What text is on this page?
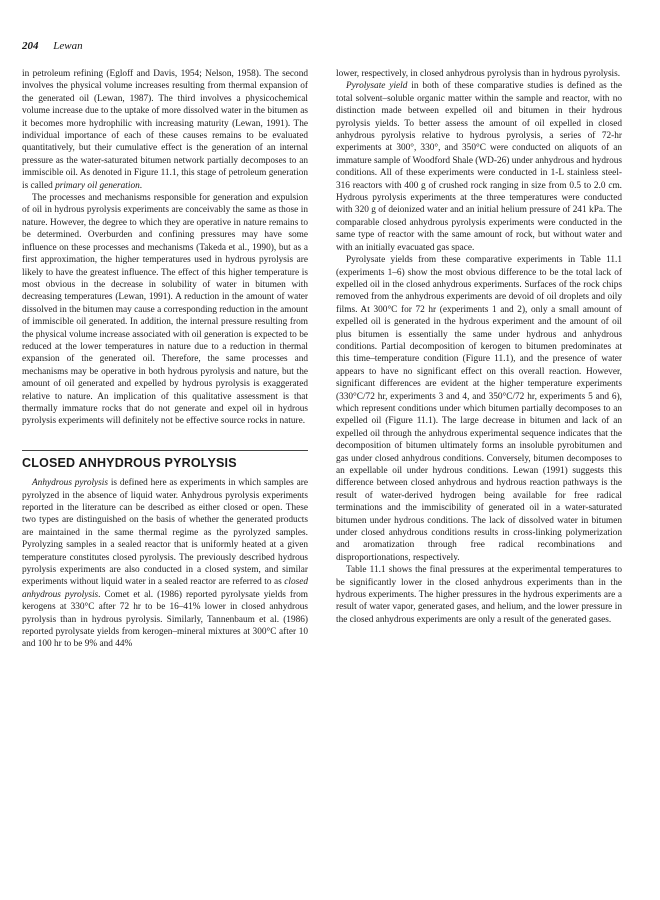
204 Lewan

in petroleum refining (Egloff and Davis, 1954; Nelson, 1958). The second involves the physical volume increases resulting from thermal expansion of the generated oil (Lewan, 1987). The third involves a physicochemical volume increase due to the uptake of more dissolved water in the bitumen as it becomes more hydrophilic with increasing maturity (Lewan, 1991). The individual importance of each of these causes remains to be evaluated quantitatively, but their cumulative effect is the generation of an internal pressure as the water-saturated bitumen network partially decomposes to an immiscible oil. As denoted in Figure 11.1, this stage of petroleum generation is called primary oil generation.

The processes and mechanisms responsible for generation and expulsion of oil in hydrous pyrolysis experiments are conceivably the same as those in nature. However, the degree to which they are operative in nature remains to be determined. Overburden and confining pressures may have some influence on these processes and mechanisms (Takeda et al., 1990), but as a first approximation, the higher temperatures used in hydrous pyrolysis are likely to have the greatest influence. The effect of this higher temperature is most obvious in the decrease in solubility of water in bitumen with decreasing temperatures (Lewan, 1991). A reduction in the amount of water dissolved in the bitumen may cause a corresponding reduction in the amount of immiscible oil generated. In addition, the internal pressure resulting from the physical volume increase associated with oil generation is expected to be reduced at the lower temperatures in nature due to a reduction in thermal expansion of the generated oil. Therefore, the same processes and mechanisms may be operative in both hydrous pyrolysis and nature, but the amount of oil generated and expelled by hydrous pyrolysis is exaggerated relative to nature. An implication of this qualitative assessment is that thermally immature rocks that do not generate and expel oil in hydrous pyrolysis experiments will definitely not be effective source rocks in nature.

CLOSED ANHYDROUS PYROLYSIS

Anhydrous pyrolysis is defined here as experiments in which samples are pyrolyzed in the absence of liquid water. Anhydrous pyrolysis experiments reported in the literature can be described as either closed or open. These two types are distinguished on the basis of whether the generated products are maintained in the same thermal regime as the pyrolyzed samples. Pyrolyzing samples in a sealed reactor that is uniformly heated at a given temperature constitutes closed pyrolysis. The previously described hydrous pyrolysis experiments are also conducted in a closed system, and similar experiments without liquid water in a sealed reactor are referred to as closed anhydrous pyrolysis. Comet et al. (1986) reported pyrolysate yields from kerogens at 330°C after 72 hr to be 16–41% lower in closed anhydrous pyrolysis than in hydrous pyrolysis. Similarly, Tannenbaum et al. (1986) reported pyrolysate yields from kerogen–mineral mixtures at 300°C after 10 and 100 hr to be 9% and 44%

lower, respectively, in closed anhydrous pyrolysis than in hydrous pyrolysis.

Pyrolysate yield in both of these comparative studies is defined as the total solvent–soluble organic matter within the sample and reactor, with no distinction made between expelled oil and bitumen in their hydrous pyrolysis yields. To better assess the amount of oil expelled in closed anhydrous pyrolysis relative to hydrous pyrolysis, a series of 72-hr experiments at 300°, 330°, and 350°C were conducted on aliquots of an immature sample of Woodford Shale (WD-26) under anhydrous and hydrous conditions. All of these experiments were conducted in 1-L stainless steel-316 reactors with 400 g of crushed rock ranging in size from 0.5 to 2.0 cm. Hydrous pyrolysis experiments at the three temperatures were conducted with 320 g of deionized water and an initial helium pressure of 241 kPa. The comparable closed anhydrous pyrolysis experiments were conducted in the same type of reactor with the same amount of rock, but without water and with an initially evacuated gas space.

Pyrolysate yields from these comparative experiments in Table 11.1 (experiments 1–6) show the most obvious difference to be the total lack of expelled oil in the closed anhydrous experiments. Surfaces of the rock chips removed from the anhydrous experiments are devoid of oil droplets and oily films. At 300°C for 72 hr (experiments 1 and 2), only a small amount of expelled oil is generated in the hydrous experiment and the amount of oil plus bitumen is essentially the same under hydrous and anhydrous conditions. Partial decomposition of kerogen to bitumen predominates at this time–temperature condition (Figure 11.1), and the presence of water appears to have no significant effect on this overall reaction. However, significant differences are evident at the higher temperature experiments (330°C/72 hr, experiments 3 and 4, and 350°C/72 hr, experiments 5 and 6), which represent conditions under which bitumen partially decomposes to an expelled oil (Figure 11.1). The large decrease in bitumen and lack of an expelled oil through the anhydrous experimental sequence indicates that the decomposition of bitumen ultimately forms an insoluble pyrobitumen and gas under closed anhydrous conditions. Conversely, bitumen decomposes to an expellable oil under hydrous conditions. Lewan (1991) suggests this difference between closed anhydrous and hydrous reaction pathways is the result of water-derived hydrogen being available for free radical terminations and the immiscibility of generated oil in a water-saturated bitumen under hydrous conditions. The lack of dissolved water in bitumen under closed anhydrous conditions results in cross-linking polymerization and aromatization through free radical recombinations and disproportionations, respectively.

Table 11.1 shows the final pressures at the experimental temperatures to be significantly lower in the closed anhydrous experiments than in the hydrous experiments. The higher pressures in the hydrous experiments are a result of water vapor, generated gases, and helium, and the lower pressure in the closed anhydrous experiments are only a result of the generated gases.
